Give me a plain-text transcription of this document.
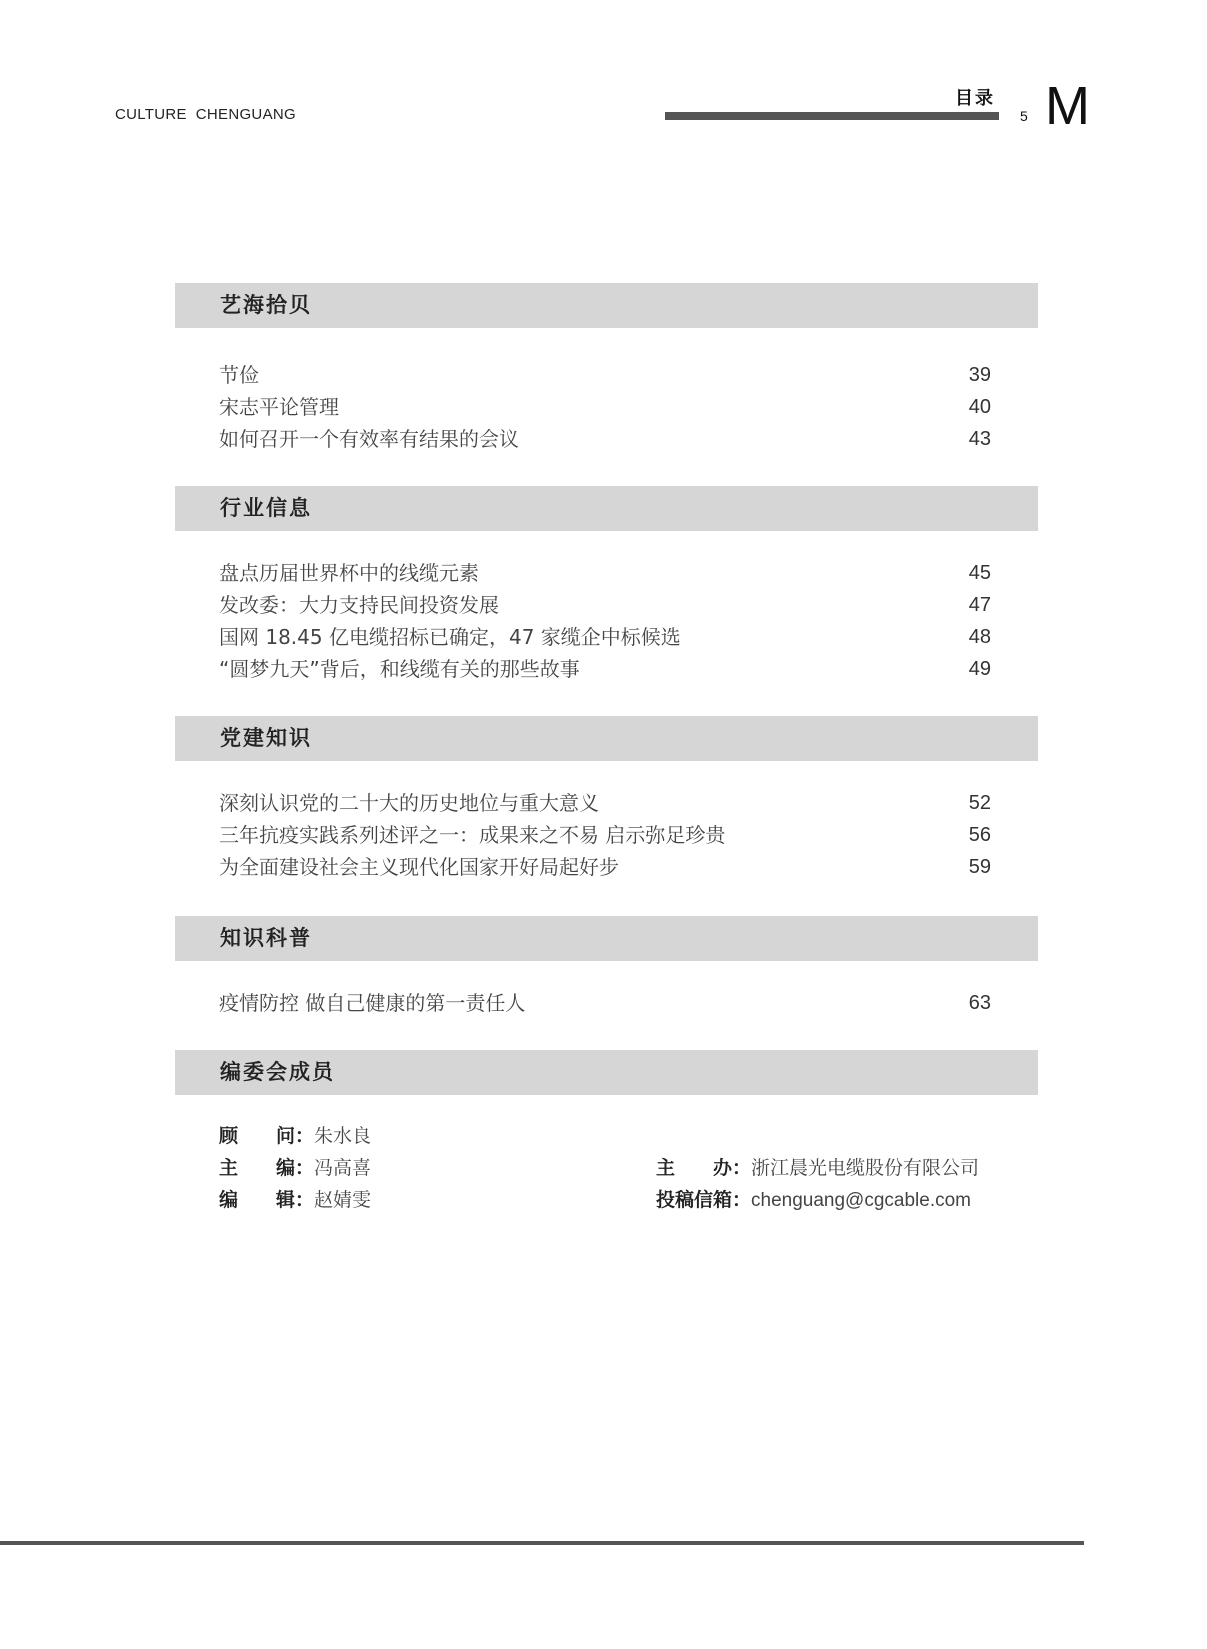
CULTURE  CHENGUANG
目录
5 M
艺海拾贝
节俭	39
宋志平论管理	40
如何召开一个有效率有结果的会议	43
行业信息
盘点历届世界杯中的线缆元素	45
发改委：大力支持民间投资发展	47
国网 18.45 亿电缆招标已确定，47 家缆企中标候选	48
“圆梦九天”背后，和线缆有关的那些故事	49
党建知识
深刻认识党的二十大的历史地位与重大意义	52
三年抗疫实践系列述评之一：成果来之不易 启示弥足珍贵	56
为全面建设社会主义现代化国家开好局起好步	59
知识科普
疫情防控 做自己健康的第一责任人	63
编委会成员
顾　　问：朱水良
主　　编：冯高喜
编　　辑：赵婧雯
主　　办：浙江晨光电缆股份有限公司
投稿信箱：chenguang@cgcable.com
